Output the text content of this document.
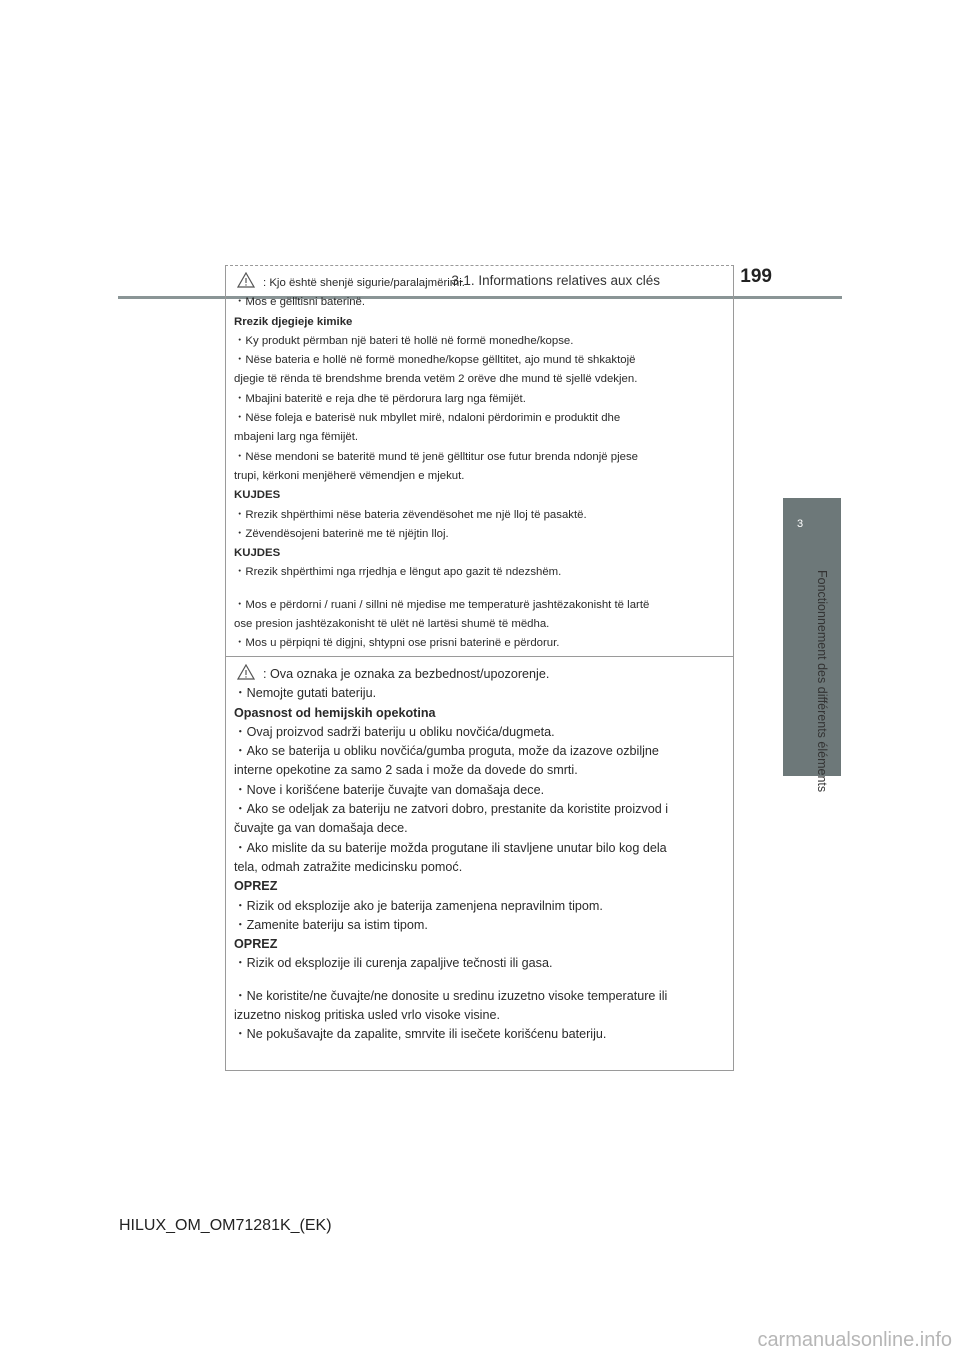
3-1. Informations relatives aux clés	199
3
Fonctionnement des différents éléments

: Kjo është shenjë sigurie/paralajmërimi.

・Mos e gëlltisni baterinë.

Rrezik djegieje kimike

・Ky produkt përmban një bateri të hollë në formë monedhe/kopse.

・Nëse bateria e hollë në formë monedhe/kopse gëlltitet, ajo mund të shkaktojë

djegie të rënda të brendshme brenda vetëm 2 orëve dhe mund të sjellë vdekjen.

・Mbajini bateritë e reja dhe të përdorura larg nga fëmijët.

・Nëse foleja e baterisë nuk mbyllet mirë, ndaloni përdorimin e produktit dhe

mbajeni larg nga fëmijët.

・Nëse mendoni se bateritë mund të jenë gëlltitur ose futur brenda ndonjë pjese

trupi, kërkoni menjëherë vëmendjen e mjekut.

KUJDES

・Rrezik shpërthimi nëse bateria zëvendësohet me një lloj të pasaktë.

・Zëvendësojeni baterinë me të njëjtin lloj.

KUJDES

・Rrezik shpërthimi nga rrjedhja e lëngut apo gazit të ndezshëm.

・Mos e përdorni / ruani / sillni në mjedise me temperaturë jashtëzakonisht të lartë

ose presion jashtëzakonisht të ulët në lartësi shumë të mëdha.

・Mos u përpiqni të digjni, shtypni ose prisni baterinë e përdorur.

: Ova oznaka je oznaka za bezbednost/upozorenje.

・Nemojte gutati bateriju.

Opasnost od hemijskih opekotina

・Ovaj proizvod sadrži bateriju u obliku novčića/dugmeta.

・Ako se baterija u obliku novčića/gumba proguta, može da izazove ozbiljne

interne opekotine za samo 2 sada i može da dovede do smrti.

・Nove i korišćene baterije čuvajte van domašaja dece.

・Ako se odeljak za bateriju ne zatvori dobro, prestanite da koristite proizvod i

čuvajte ga van domašaja dece.

・Ako mislite da su baterije možda progutane ili stavljene unutar bilo kog dela

tela, odmah zatražite medicinsku pomoć.

OPREZ

・Rizik od eksplozije ako je baterija zamenjena nepravilnim tipom.

・Zamenite bateriju sa istim tipom.

OPREZ

・Rizik od eksplozije ili curenja zapaljive tečnosti ili gasa.

・Ne koristite/ne čuvajte/ne donosite u sredinu izuzetno visoke temperature ili

izuzetno niskog pritiska usled vrlo visoke visine.

・Ne pokušavajte da zapalite, smrvite ili isečete korišćenu bateriju.

HILUX_OM_OM71281K_(EK)
carmanualsonline.info
